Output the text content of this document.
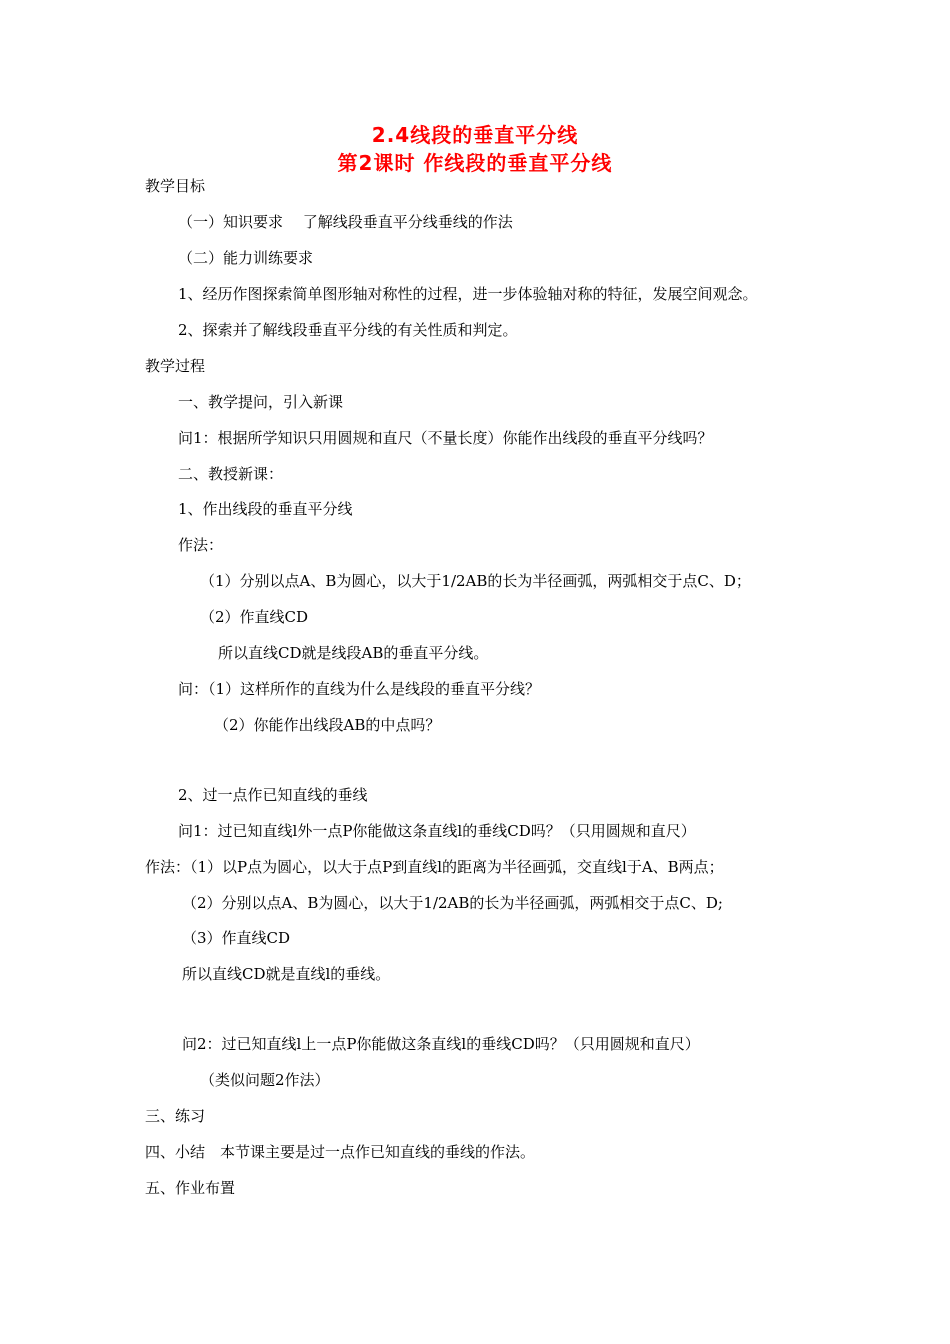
2.4线段的垂直平分线
第2课时 作线段的垂直平分线
教学目标
（一）知识要求　 了解线段垂直平分线垂线的作法
（二）能力训练要求
1、经历作图探索简单图形轴对称性的过程，进一步体验轴对称的特征，发展空间观念。
2、探索并了解线段垂直平分线的有关性质和判定。
教学过程
一、教学提问，引入新课
问1：根据所学知识只用圆规和直尺（不量长度）你能作出线段的垂直平分线吗？
二、教授新课：
1、作出线段的垂直平分线
作法：
（1）分别以点A、B为圆心，以大于1/2AB的长为半径画弧，两弧相交于点C、D；
（2）作直线CD
所以直线CD就是线段AB的垂直平分线。
问：（1）这样所作的直线为什么是线段的垂直平分线？
（2）你能作出线段AB的中点吗？
2、过一点作已知直线的垂线
问1：过已知直线l外一点P你能做这条直线l的垂线CD吗？（只用圆规和直尺）
作法：（1）以P点为圆心，以大于点P到直线l的距离为半径画弧，交直线l于A、B两点；
（2）分别以点A、B为圆心，以大于1/2AB的长为半径画弧，两弧相交于点C、D;
（3）作直线CD
所以直线CD就是直线l的垂线。
问2：过已知直线l上一点P你能做这条直线l的垂线CD吗？（只用圆规和直尺）
（类似问题2作法）
三、练习
四、小结　本节课主要是过一点作已知直线的垂线的作法。
五、作业布置
